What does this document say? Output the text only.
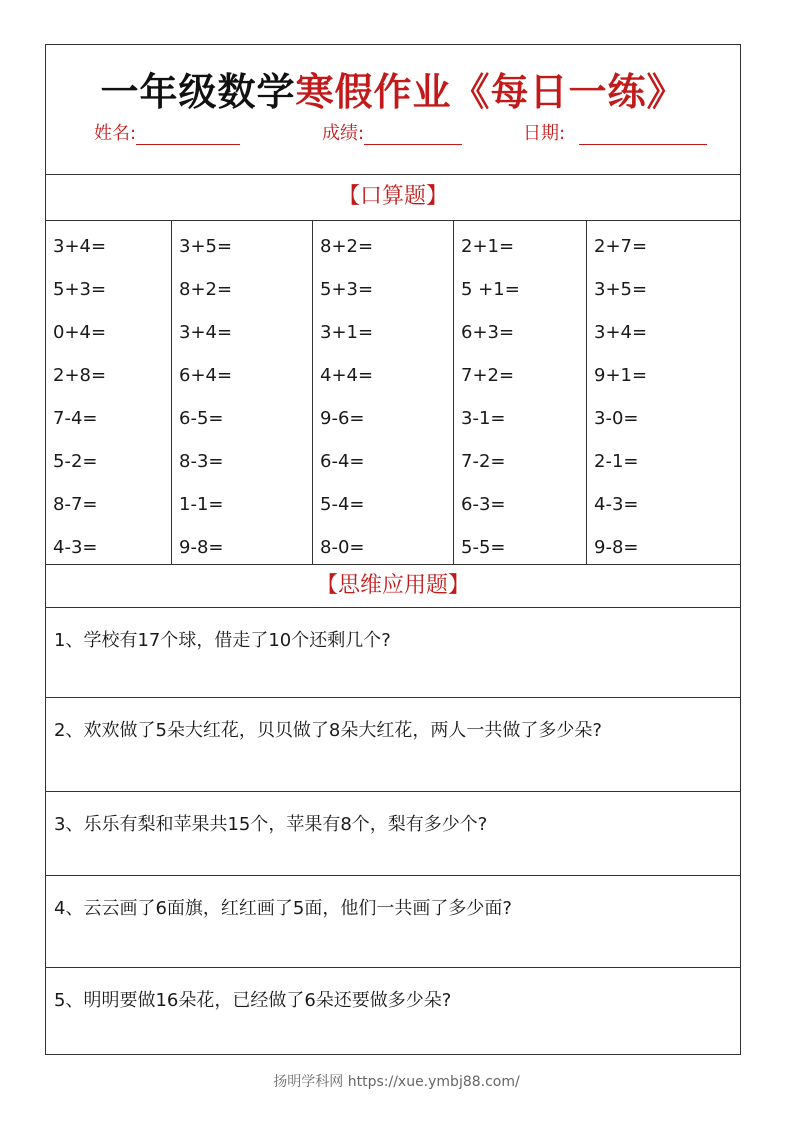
一年级数学寒假作业《每日一练》
姓名:	成绩:	日期:
【口算题】
3+4=
5+3=
0+4=
2+8=
7-4=
5-2=
8-7=
4-3=
3+5=
8+2=
3+4=
6+4=
6-5=
8-3=
1-1=
9-8=
8+2=
5+3=
3+1=
4+4=
9-6=
6-4=
5-4=
8-0=
2+1=
5 +1=
6+3=
7+2=
3-1=
7-2=
6-3=
5-5=
2+7=
3+5=
3+4=
9+1=
3-0=
2-1=
4-3=
9-8=
【思维应用题】
1、学校有17个球，借走了10个还剩几个?
2、欢欢做了5朵大红花，贝贝做了8朵大红花，两人一共做了多少朵?
3、乐乐有梨和苹果共15个，苹果有8个，梨有多少个?
4、云云画了6面旗，红红画了5面，他们一共画了多少面?
5、明明要做16朵花，已经做了6朵还要做多少朵?
扬明学科网 https://xue.ymbj88.com/
